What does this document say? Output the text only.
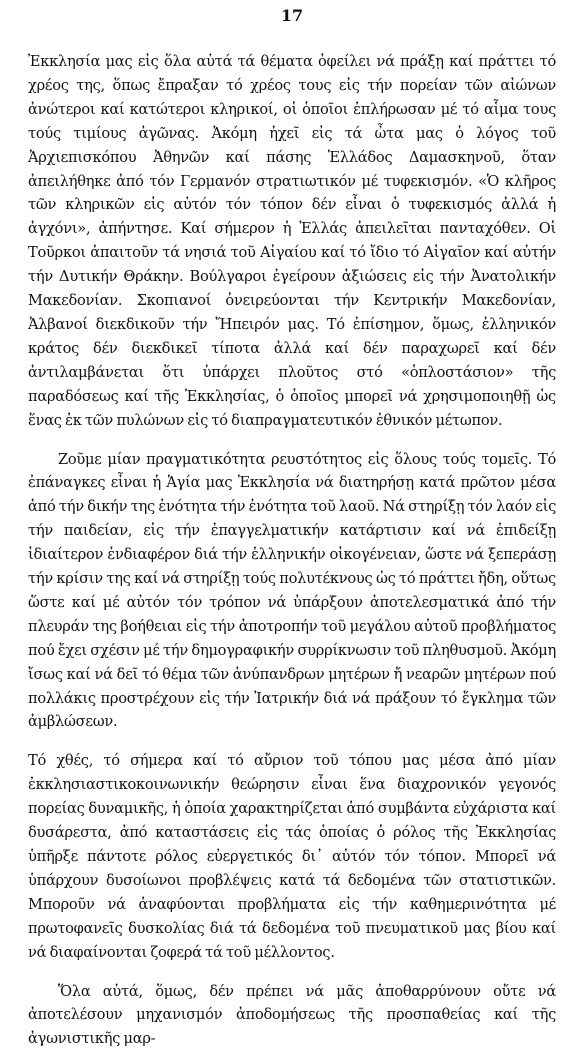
17

Ἐκκλησία μας εἰς ὅλα αὐτά τά θέματα ὀφείλει νά πράξῃ καί πράττει τό χρέος της, ὅπως ἔπραξαν τό χρέος τους εἰς τήν πορείαν τῶν αἰώνων ἀνώτεροι καί κατώτεροι κληρικοί, οἱ ὁποῖοι ἐπλήρωσαν μέ τό αἷμα τους τούς τιμίους ἀγῶνας. Ἀκόμη ἠχεῖ εἰς τά ὦτα μας ὁ λόγος τοῦ Ἀρχιεπισκόπου Ἀθηνῶν καί πάσης Ἑλλάδος Δαμασκηνοῦ, ὅταν ἀπειλήθηκε ἀπό τόν Γερμανόν στρατιωτικόν μέ τυφεκισμόν. «Ὁ κλῆρος τῶν κληρικῶν εἰς αὐτόν τόν τόπον δέν εἶναι ὁ τυφεκισμός ἀλλά ἡ ἀγχόνι», ἀπήντησε. Καί σήμερον ἡ Ἑλλάς ἀπειλεῖται πανταχόθεν. Οἱ Τοῦρκοι ἀπαιτοῦν τά νησιά τοῦ Αἰγαίου καί τό ἴδιο τό Αἰγαῖον καί αὐτήν τήν Δυτικήν Θράκην. Βούλγαροι ἐγείρουν ἀξιώσεις εἰς τήν Ἀνατολικήν Μακεδονίαν. Σκοπιανοί ὀνειρεύονται τήν Κεντρικήν Μακεδονίαν, Ἀλβανοί διεκδικοῦν τήν Ἤπειρόν μας. Τό ἐπίσημον, ὅμως, ἑλληνικόν κράτος δέν διεκδικεῖ τίποτα ἀλλά καί δέν παραχωρεῖ καί δέν ἀντιλαμβάνεται ὅτι ὑπάρχει πλοῦτος στό «ὁπλοστάσιον» τῆς παραδόσεως καί τῆς Ἐκκλησίας, ὁ ὁποῖος μπορεῖ νά χρησιμοποιηθῇ ὡς ἕνας ἐκ τῶν πυλώνων εἰς τό διαπραγματευτικόν ἐθνικόν μέτωπον.

Ζοῦμε μίαν πραγματικότητα ρευστότητος εἰς ὅλους τούς τομεῖς. Τό ἐπάναγκες εἶναι ἡ Ἁγία μας Ἐκκλησία νά διατηρήσῃ κατά πρῶτον μέσα ἀπό τήν δικήν της ἑνότητα τήν ἑνότητα τοῦ λαοῦ. Νά στηρίξῃ τόν λαόν εἰς τήν παιδείαν, εἰς τήν ἐπαγγελματικήν κατάρτισιν καί νά ἐπιδείξῃ ἰδιαίτερον ἐνδιαφέρον διά τήν ἑλληνικήν οἰκογένειαν, ὥστε νά ξεπεράσῃ τήν κρίσιν της καί νά στηρίξῃ τούς πολυτέκνους ὡς τό πράττει ἤδη, οὕτως ὥστε καί μέ αὐτόν τόν τρόπον νά ὑπάρξουν ἀποτελεσματικά ἀπό τήν πλευράν της βοήθειαι εἰς τήν ἀποτροπήν τοῦ μεγάλου αὐτοῦ προβλήματος πού ἔχει σχέσιν μέ τήν δημογραφικήν συρρίκνωσιν τοῦ πληθυσμοῦ. Ἀκόμη ἴσως καί νά δεῖ τό θέμα τῶν ἀνύπανδρων μητέρων ἤ νεαρῶν μητέρων πού πολλάκις προστρέχουν εἰς τήν Ἰατρικήν διά νά πράξουν τό ἔγκλημα τῶν ἀμβλώσεων.

Τό χθές, τό σήμερα καί τό αὔριον τοῦ τόπου μας μέσα ἀπό μίαν ἐκκλησιαστικοκοινωνικήν θεώρησιν εἶναι ἕνα διαχρονικόν γεγονός πορείας δυναμικῆς, ἡ ὁποία χαρακτηρίζεται ἀπό συμβάντα εὐχάριστα καί δυσάρεστα, ἀπό καταστάσεις εἰς τάς ὁποίας ὁ ρόλος τῆς Ἐκκλησίας ὑπῆρξε πάντοτε ρόλος εὐεργετικός δι᾽ αὐτόν τόν τόπον. Μπορεῖ νά ὑπάρχουν δυσοίωνοι προβλέψεις κατά τά δεδομένα τῶν στατιστικῶν. Μποροῦν νά ἀναφύονται προβλήματα εἰς τήν καθημερινότητα μέ πρωτοφανεῖς δυσκολίας διά τά δεδομένα τοῦ πνευματικοῦ μας βίου καί νά διαφαίνονται ζοφερά τά τοῦ μέλλοντος.

Ὅλα αὐτά, ὅμως, δέν πρέπει νά μᾶς ἀποθαρρύνουν οὔτε νά ἀποτελέσουν μηχανισμόν ἀποδομήσεως τῆς προσπαθείας καί τῆς ἀγωνιστικῆς μαρ-
